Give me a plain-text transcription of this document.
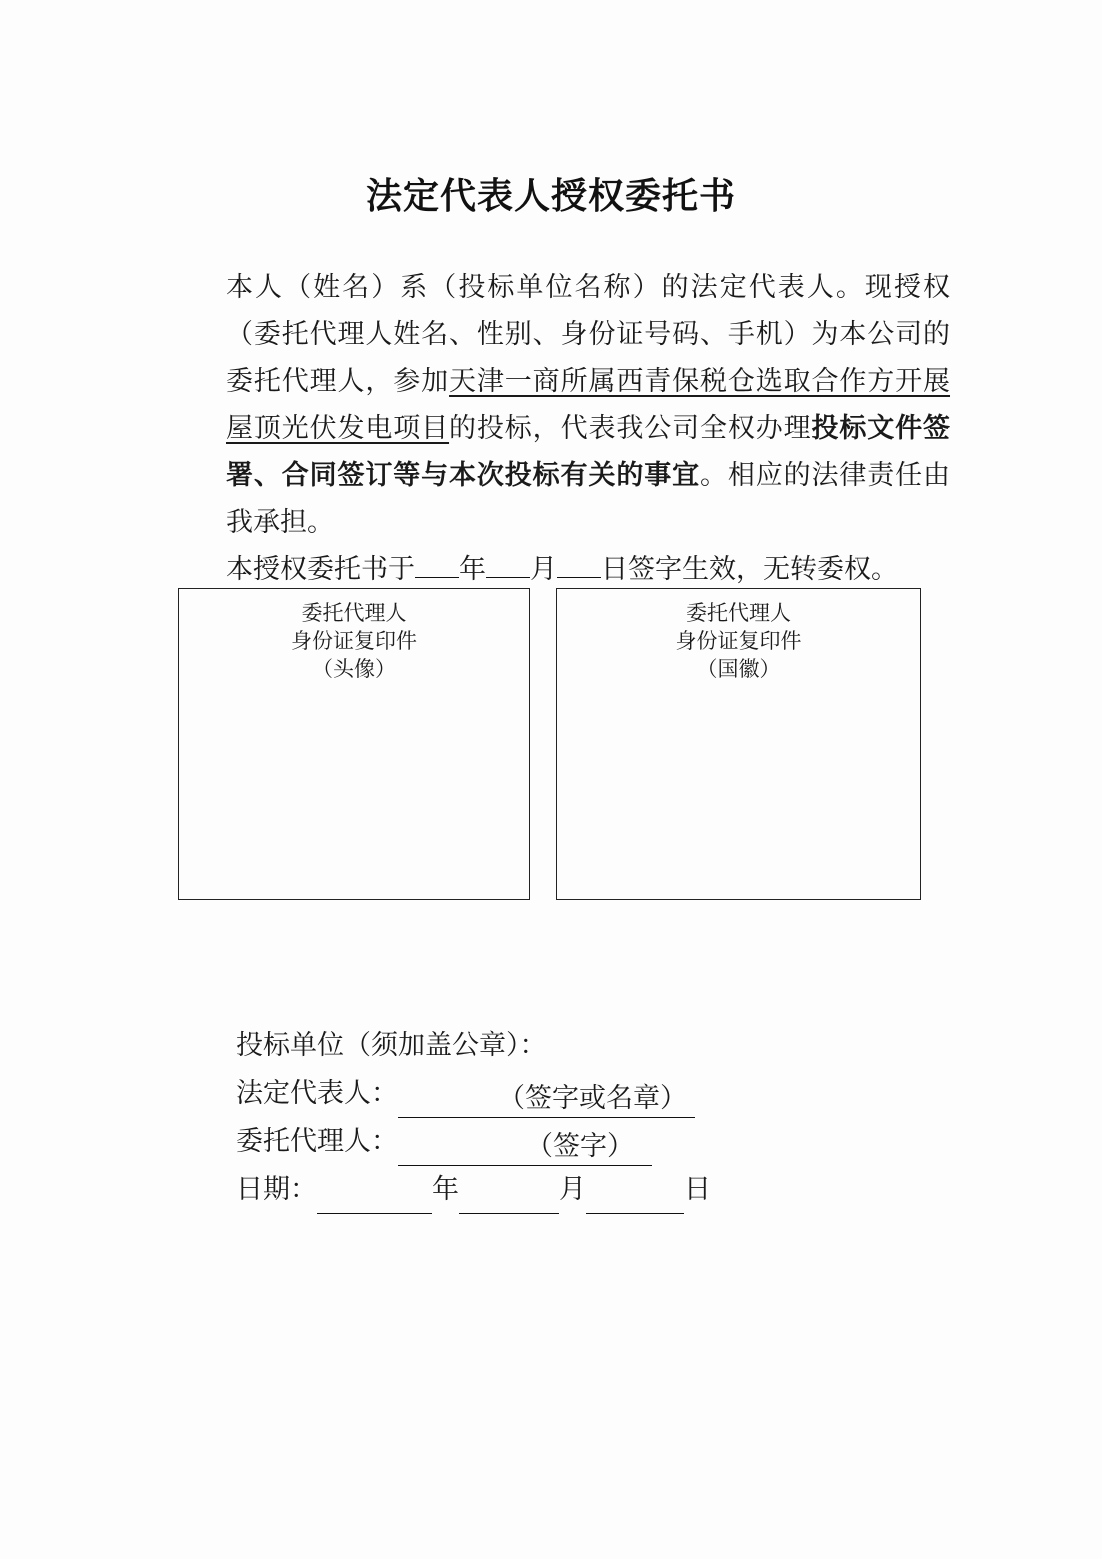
法定代表人授权委托书

本人（姓名）系（投标单位名称）的法定代表人。现授权（委托代理人姓名、性别、身份证号码、手机）为本公司的委托代理人，参加天津一商所属西青保税仓选取合作方开展屋顶光伏发电项目的投标，代表我公司全权办理投标文件签署、合同签订等与本次投标有关的事宜。相应的法律责任由我承担。

本授权委托书于 年 月 日签字生效，无转委权。

委托代理人
身份证复印件
（头像）
委托代理人
身份证复印件
（国徽）
投标单位（须加盖公章）：
法定代表人：	（签字或名章）
委托代理人：	（签字）
日期：	年	月	日
